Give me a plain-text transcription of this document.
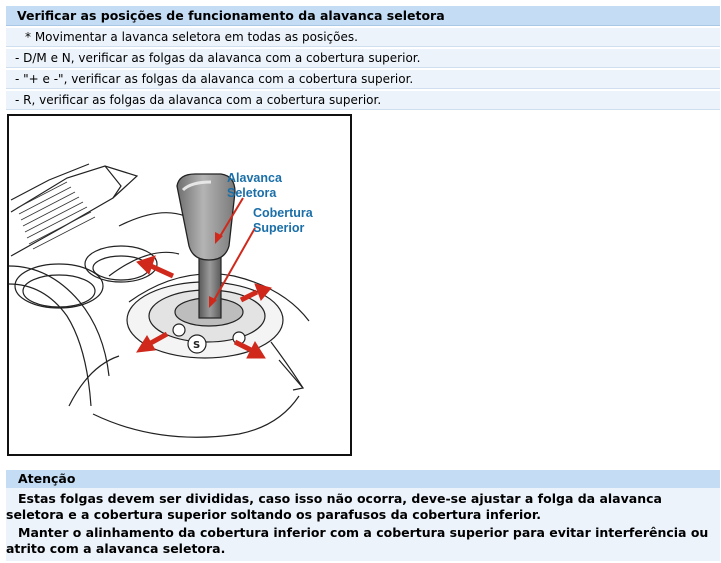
Verificar as posições de funcionamento da alavanca seletora
* Movimentar a lavanca seletora em todas as posições.
- D/M e N, verificar as folgas da alavanca com a cobertura superior.
- "+ e -", verificar as folgas da alavanca com a cobertura superior.
- R, verificar as folgas da alavanca com a cobertura superior.
S
Alavanca
Seletora
Cobertura
Superior
Atenção
Estas folgas devem ser divididas, caso isso não ocorra, deve-se ajustar a folga da alavanca seletora e a cobertura superior soltando os parafusos da cobertura inferior.
Manter o alinhamento da cobertura inferior com a cobertura superior para evitar interferência ou atrito com a alavanca seletora.
